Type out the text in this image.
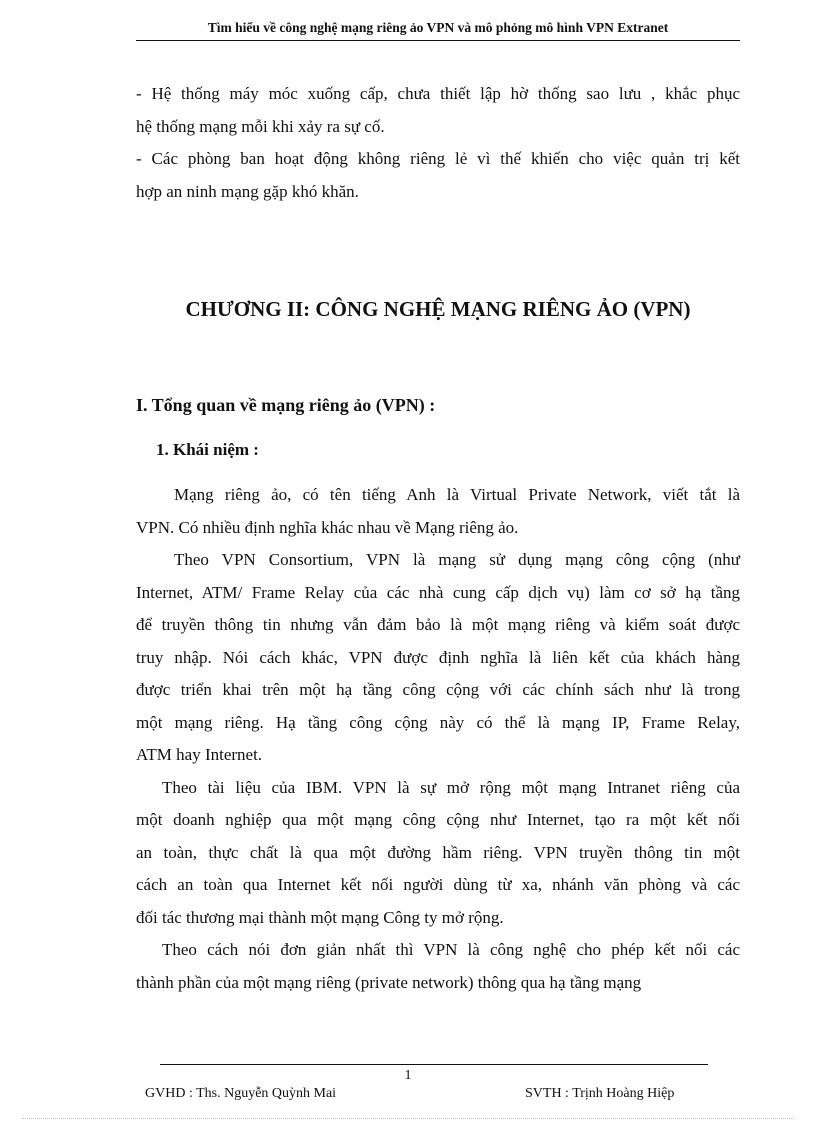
Tìm hiểu về công nghệ mạng riêng ảo VPN và mô phỏng mô hình VPN Extranet
- Hệ thống máy móc xuống cấp, chưa thiết lập hờ thống sao lưu , khắc phục
hệ thống mạng mỗi khi xảy ra sự cố.
- Các phòng ban hoạt động không riêng lẻ vì thế khiến cho việc quản trị kết
hợp an ninh mạng gặp khó khăn.
CHƯƠNG II: CÔNG NGHỆ MẠNG RIÊNG ẢO (VPN)
I. Tổng quan về mạng riêng ảo (VPN) :
1. Khái niệm :
Mạng riêng ảo, có tên tiếng Anh là Virtual Private Network, viết tắt là
VPN. Có nhiều định nghĩa khác nhau về Mạng riêng ảo.
Theo VPN Consortium, VPN là mạng sử dụng mạng công cộng (như
Internet, ATM/ Frame Relay của các nhà cung cấp dịch vụ) làm cơ sở hạ tầng
để truyền thông tin nhưng vẫn đảm bảo là một mạng riêng và kiểm soát được
truy nhập. Nói cách khác, VPN được định nghĩa là liên kết của khách hàng
được triển khai trên một hạ tầng công cộng với các chính sách như là trong
một mạng riêng. Hạ tầng công cộng này có thể là mạng IP, Frame Relay,
ATM hay Internet.
Theo tài liệu của IBM. VPN là sự mở rộng một mạng Intranet riêng của
một doanh nghiệp qua một mạng công cộng như Internet, tạo ra một kết nối
an toàn, thực chất là qua một đường hầm riêng. VPN truyền thông tin một
cách an toàn qua Internet kết nối người dùng từ xa, nhánh văn phòng và các
đối tác thương mại thành một mạng Công ty mở rộng.
Theo cách nói đơn giản nhất thì VPN là công nghệ cho phép kết nối các
thành phần của một mạng riêng (private network) thông qua hạ tầng mạng
1
GVHD : Ths. Nguyễn Quỳnh Mai	SVTH : Trịnh Hoàng Hiệp
